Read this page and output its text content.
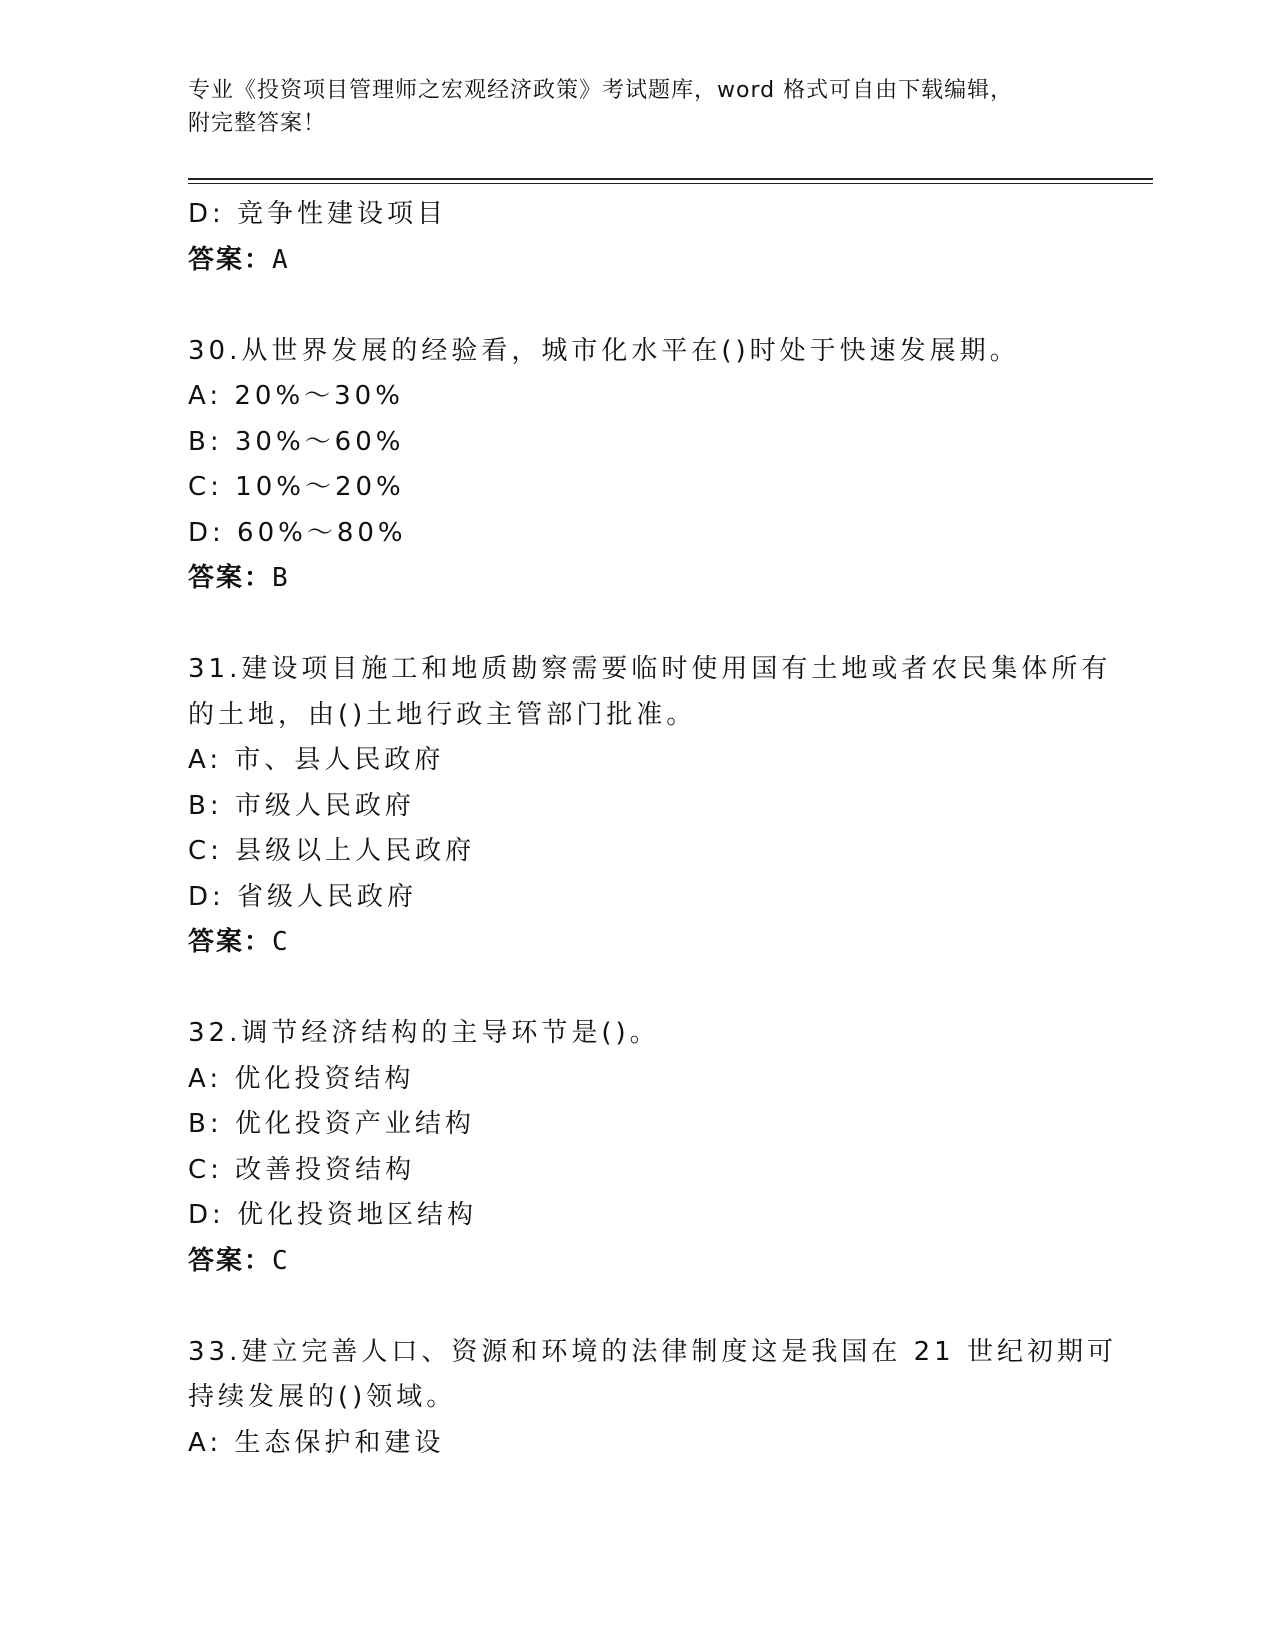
专业《投资项目管理师之宏观经济政策》考试题库，word 格式可自由下载编辑，
附完整答案！
D: 竞争性建设项目
答案：A
30.从世界发展的经验看，城市化水平在()时处于快速发展期。
A: 20%～30%
B: 30%～60%
C: 10%～20%
D: 60%～80%
答案：B
31.建设项目施工和地质勘察需要临时使用国有土地或者农民集体所有
的土地，由()土地行政主管部门批准。
A: 市、县人民政府
B: 市级人民政府
C: 县级以上人民政府
D: 省级人民政府
答案：C
32.调节经济结构的主导环节是()。
A: 优化投资结构
B: 优化投资产业结构
C: 改善投资结构
D: 优化投资地区结构
答案：C
33.建立完善人口、资源和环境的法律制度这是我国在 21 世纪初期可
持续发展的()领域。
A: 生态保护和建设
